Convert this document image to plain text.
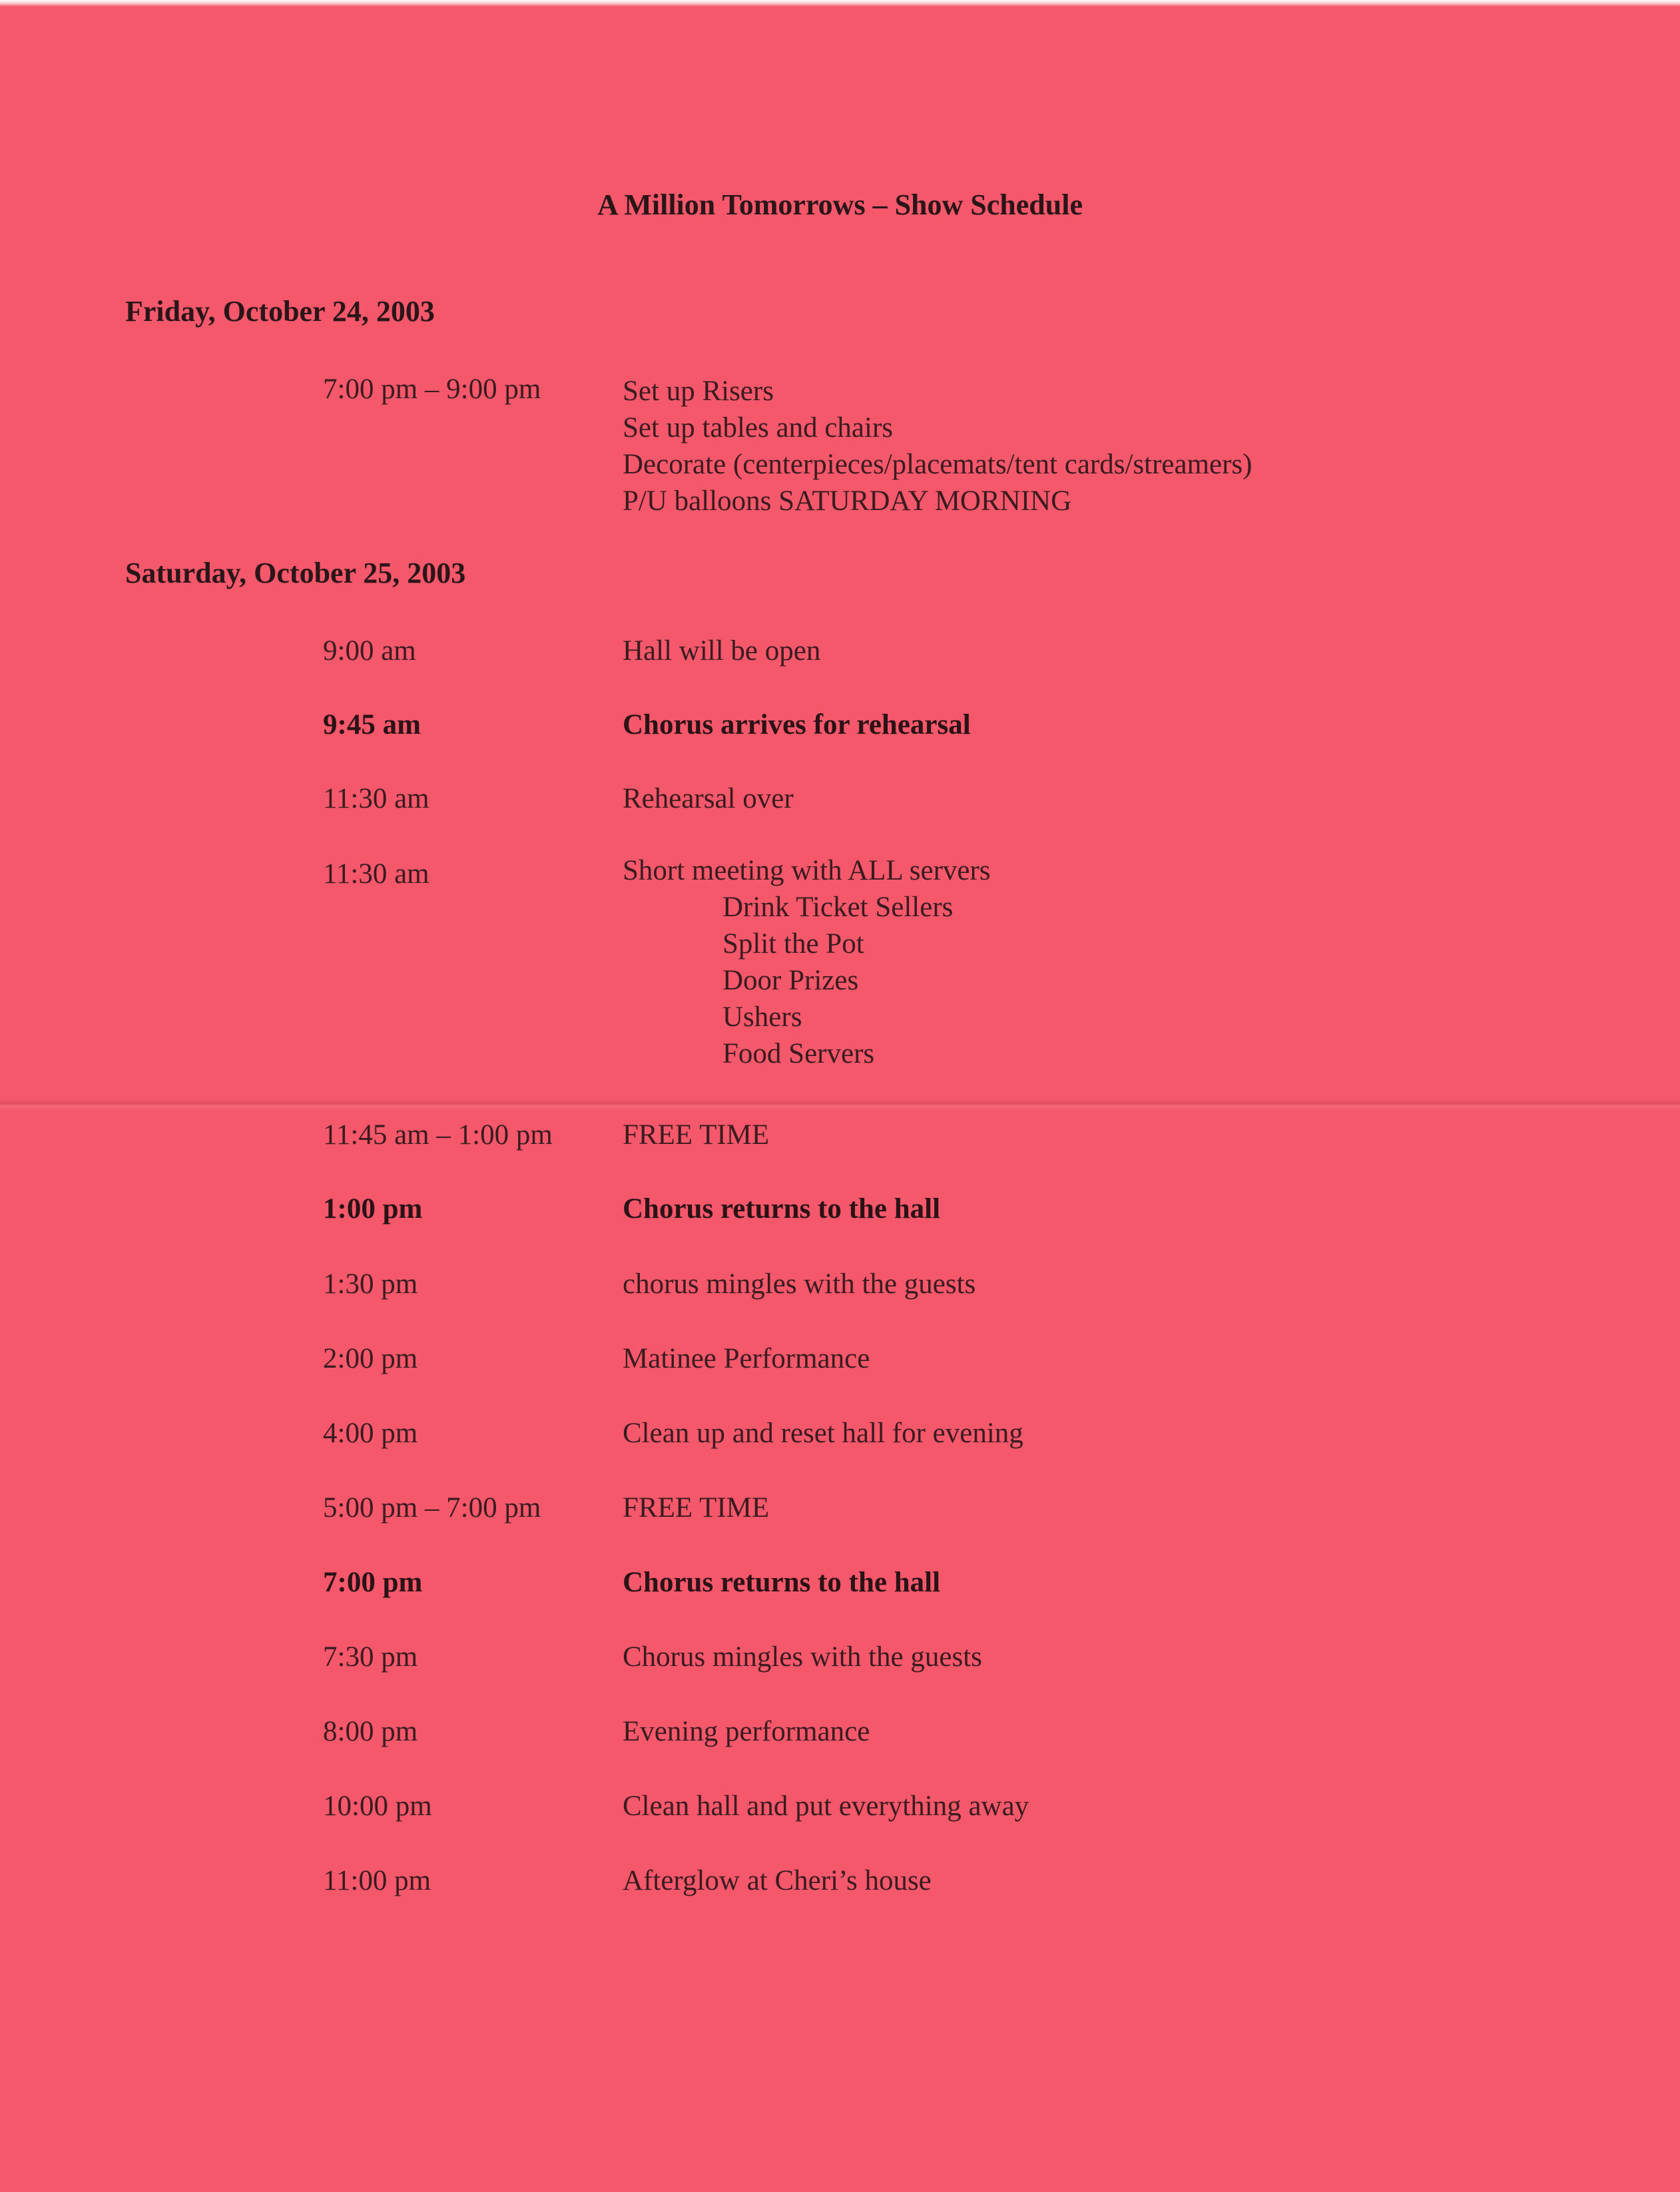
A Million Tomorrows – Show Schedule
Friday, October 24, 2003
7:00 pm – 9:00 pm	Set up Risers
Set up tables and chairs
Decorate (centerpieces/placemats/tent cards/streamers)
P/U balloons SATURDAY MORNING
Saturday, October 25, 2003
9:00 am	Hall will be open
9:45 am	Chorus arrives for rehearsal
11:30 am	Rehearsal over
11:30 am	Short meeting with ALL servers
Drink Ticket Sellers
Split the Pot
Door Prizes
Ushers
Food Servers
11:45 am – 1:00 pm FREE TIME
1:00 pm	Chorus returns to the hall
1:30 pm	chorus mingles with the guests
2:00 pm	Matinee Performance
4:00 pm	Clean up and reset hall for evening
5:00 pm – 7:00 pm	FREE TIME
7:00 pm	Chorus returns to the hall
7:30 pm	Chorus mingles with the guests
8:00 pm	Evening performance
10:00 pm	Clean hall and put everything away
11:00 pm	Afterglow at Cheri’s house
